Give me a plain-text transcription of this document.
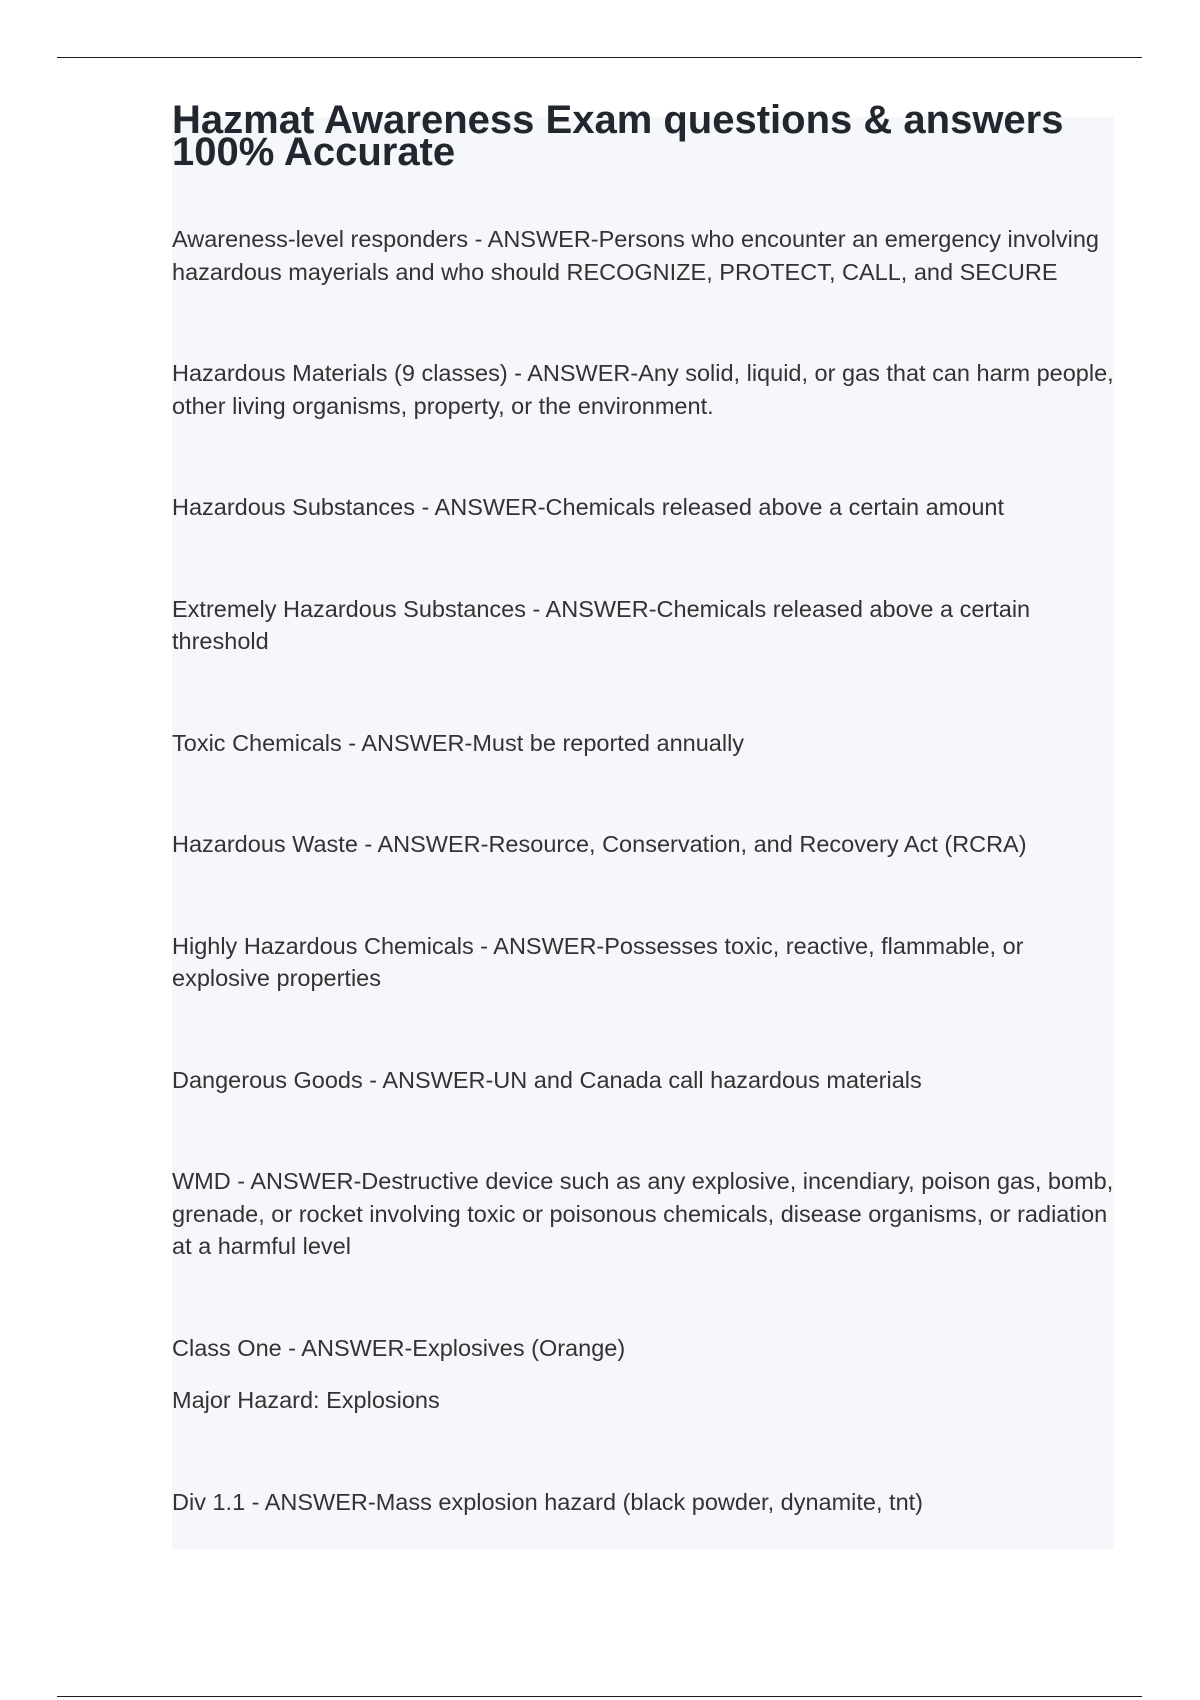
Hazmat Awareness Exam questions & answers 100% Accurate

Awareness-level responders - ANSWER-Persons who encounter an emergency involving hazardous mayerials and who should RECOGNIZE, PROTECT, CALL, and SECURE

Hazardous Materials (9 classes) - ANSWER-Any solid, liquid, or gas that can harm people, other living organisms, property, or the environment.

Hazardous Substances - ANSWER-Chemicals released above a certain amount

Extremely Hazardous Substances - ANSWER-Chemicals released above a certain threshold

Toxic Chemicals - ANSWER-Must be reported annually

Hazardous Waste - ANSWER-Resource, Conservation, and Recovery Act (RCRA)

Highly Hazardous Chemicals - ANSWER-Possesses toxic, reactive, flammable, or explosive properties

Dangerous Goods - ANSWER-UN and Canada call hazardous materials

WMD - ANSWER-Destructive device such as any explosive, incendiary, poison gas, bomb, grenade, or rocket involving toxic or poisonous chemicals, disease organisms, or radiation at a harmful level

Class One - ANSWER-Explosives (Orange)

Major Hazard: Explosions

Div 1.1 - ANSWER-Mass explosion hazard (black powder, dynamite, tnt)
